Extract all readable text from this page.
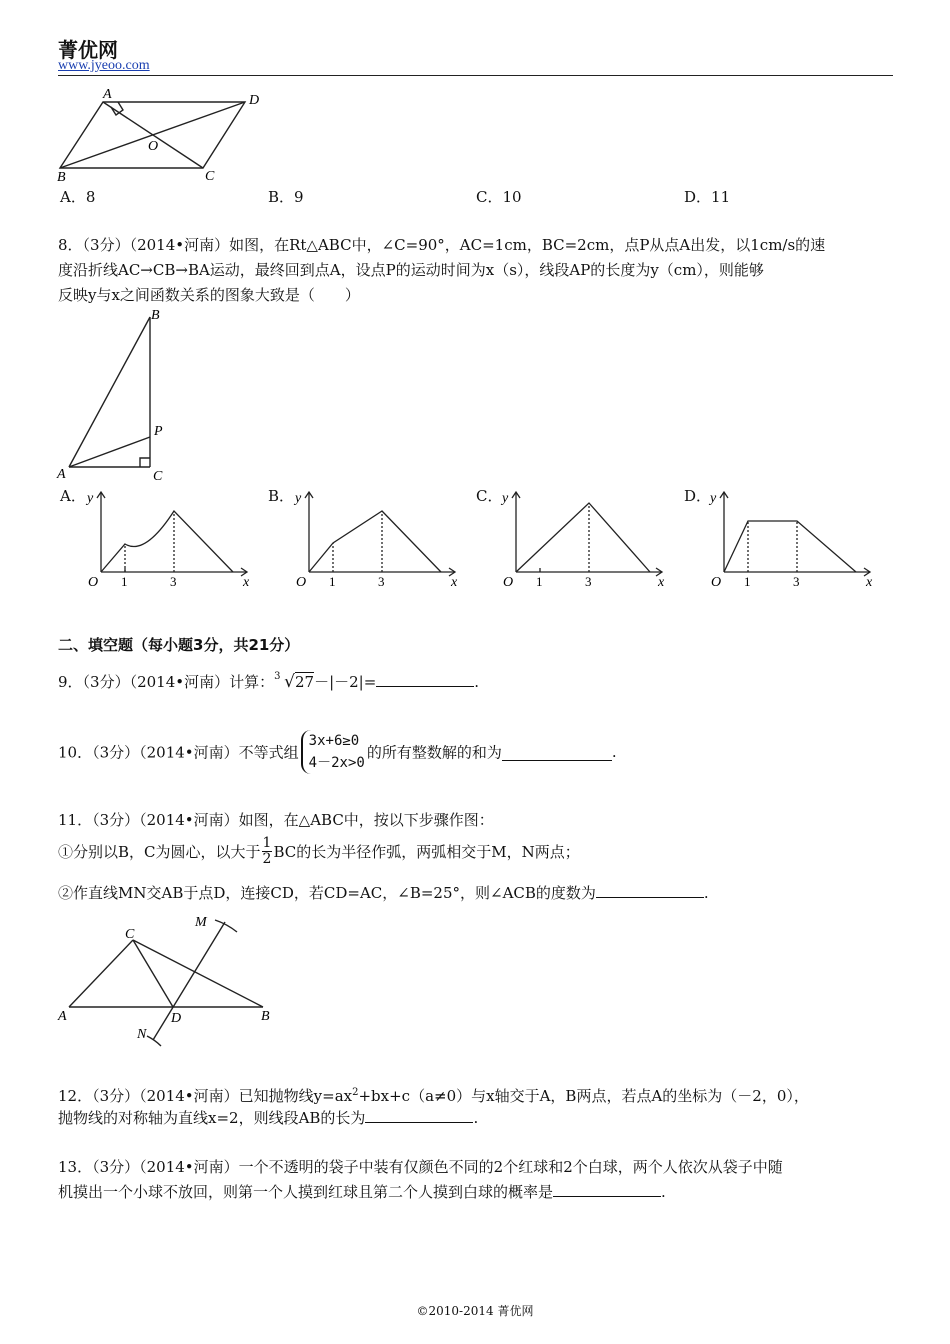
菁优网
www.jyeoo.com
A	D
O
B	C
A．8	B．9	C．10	D．11
8．（3分）（2014•河南）如图，在Rt△ABC中，∠C=90°，AC=1cm，BC=2cm，点P从点A出发，以1cm/s的速
度沿折线AC→CB→BA运动，最终回到点A，设点P的运动时间为x（s），线段AP的长度为y（cm），则能够
反映y与x之间函数关系的图象大致是（　　）
B
P
A	C
A．	B．	C．	D．
y
O 1	3	x
y
O 1	3	x
y
O 1	3	x
y
O 1	3	x
二、填空题（每小题3分，共21分）
9．（3分）（2014•河南）计算： 3 √27－|－2|=	.
10．（3分）（2014•河南）不等式组
3x+6≥0
4－2x>0
的所有整数解的和为	.
11．（3分）（2014•河南）如图，在△ABC中，按以下步骤作图：
①分别以B，C为圆心，以大于 $\frac{1}{2}$ BC的长为半径作弧，两弧相交于M，N两点；
②作直线MN交AB于点D，连接CD，若CD=AC，∠B=25°，则∠ACB的度数为	.
M
C
A	D	B
N
12．（3分）（2014•河南）已知抛物线$y=ax^2+bx+c(a\ne 0)$与x轴交于A，B两点，若点A的坐标为（－2，0），
抛物线的对称轴为直线x=2，则线段AB的长为	.
13．（3分）（2014•河南）一个不透明的袋子中装有仅颜色不同的2个红球和2个白球，两个人依次从袋子中随
机摸出一个小球不放回，则第一个人摸到红球且第二个人摸到白球的概率是	.
©2010-2014 菁优网
